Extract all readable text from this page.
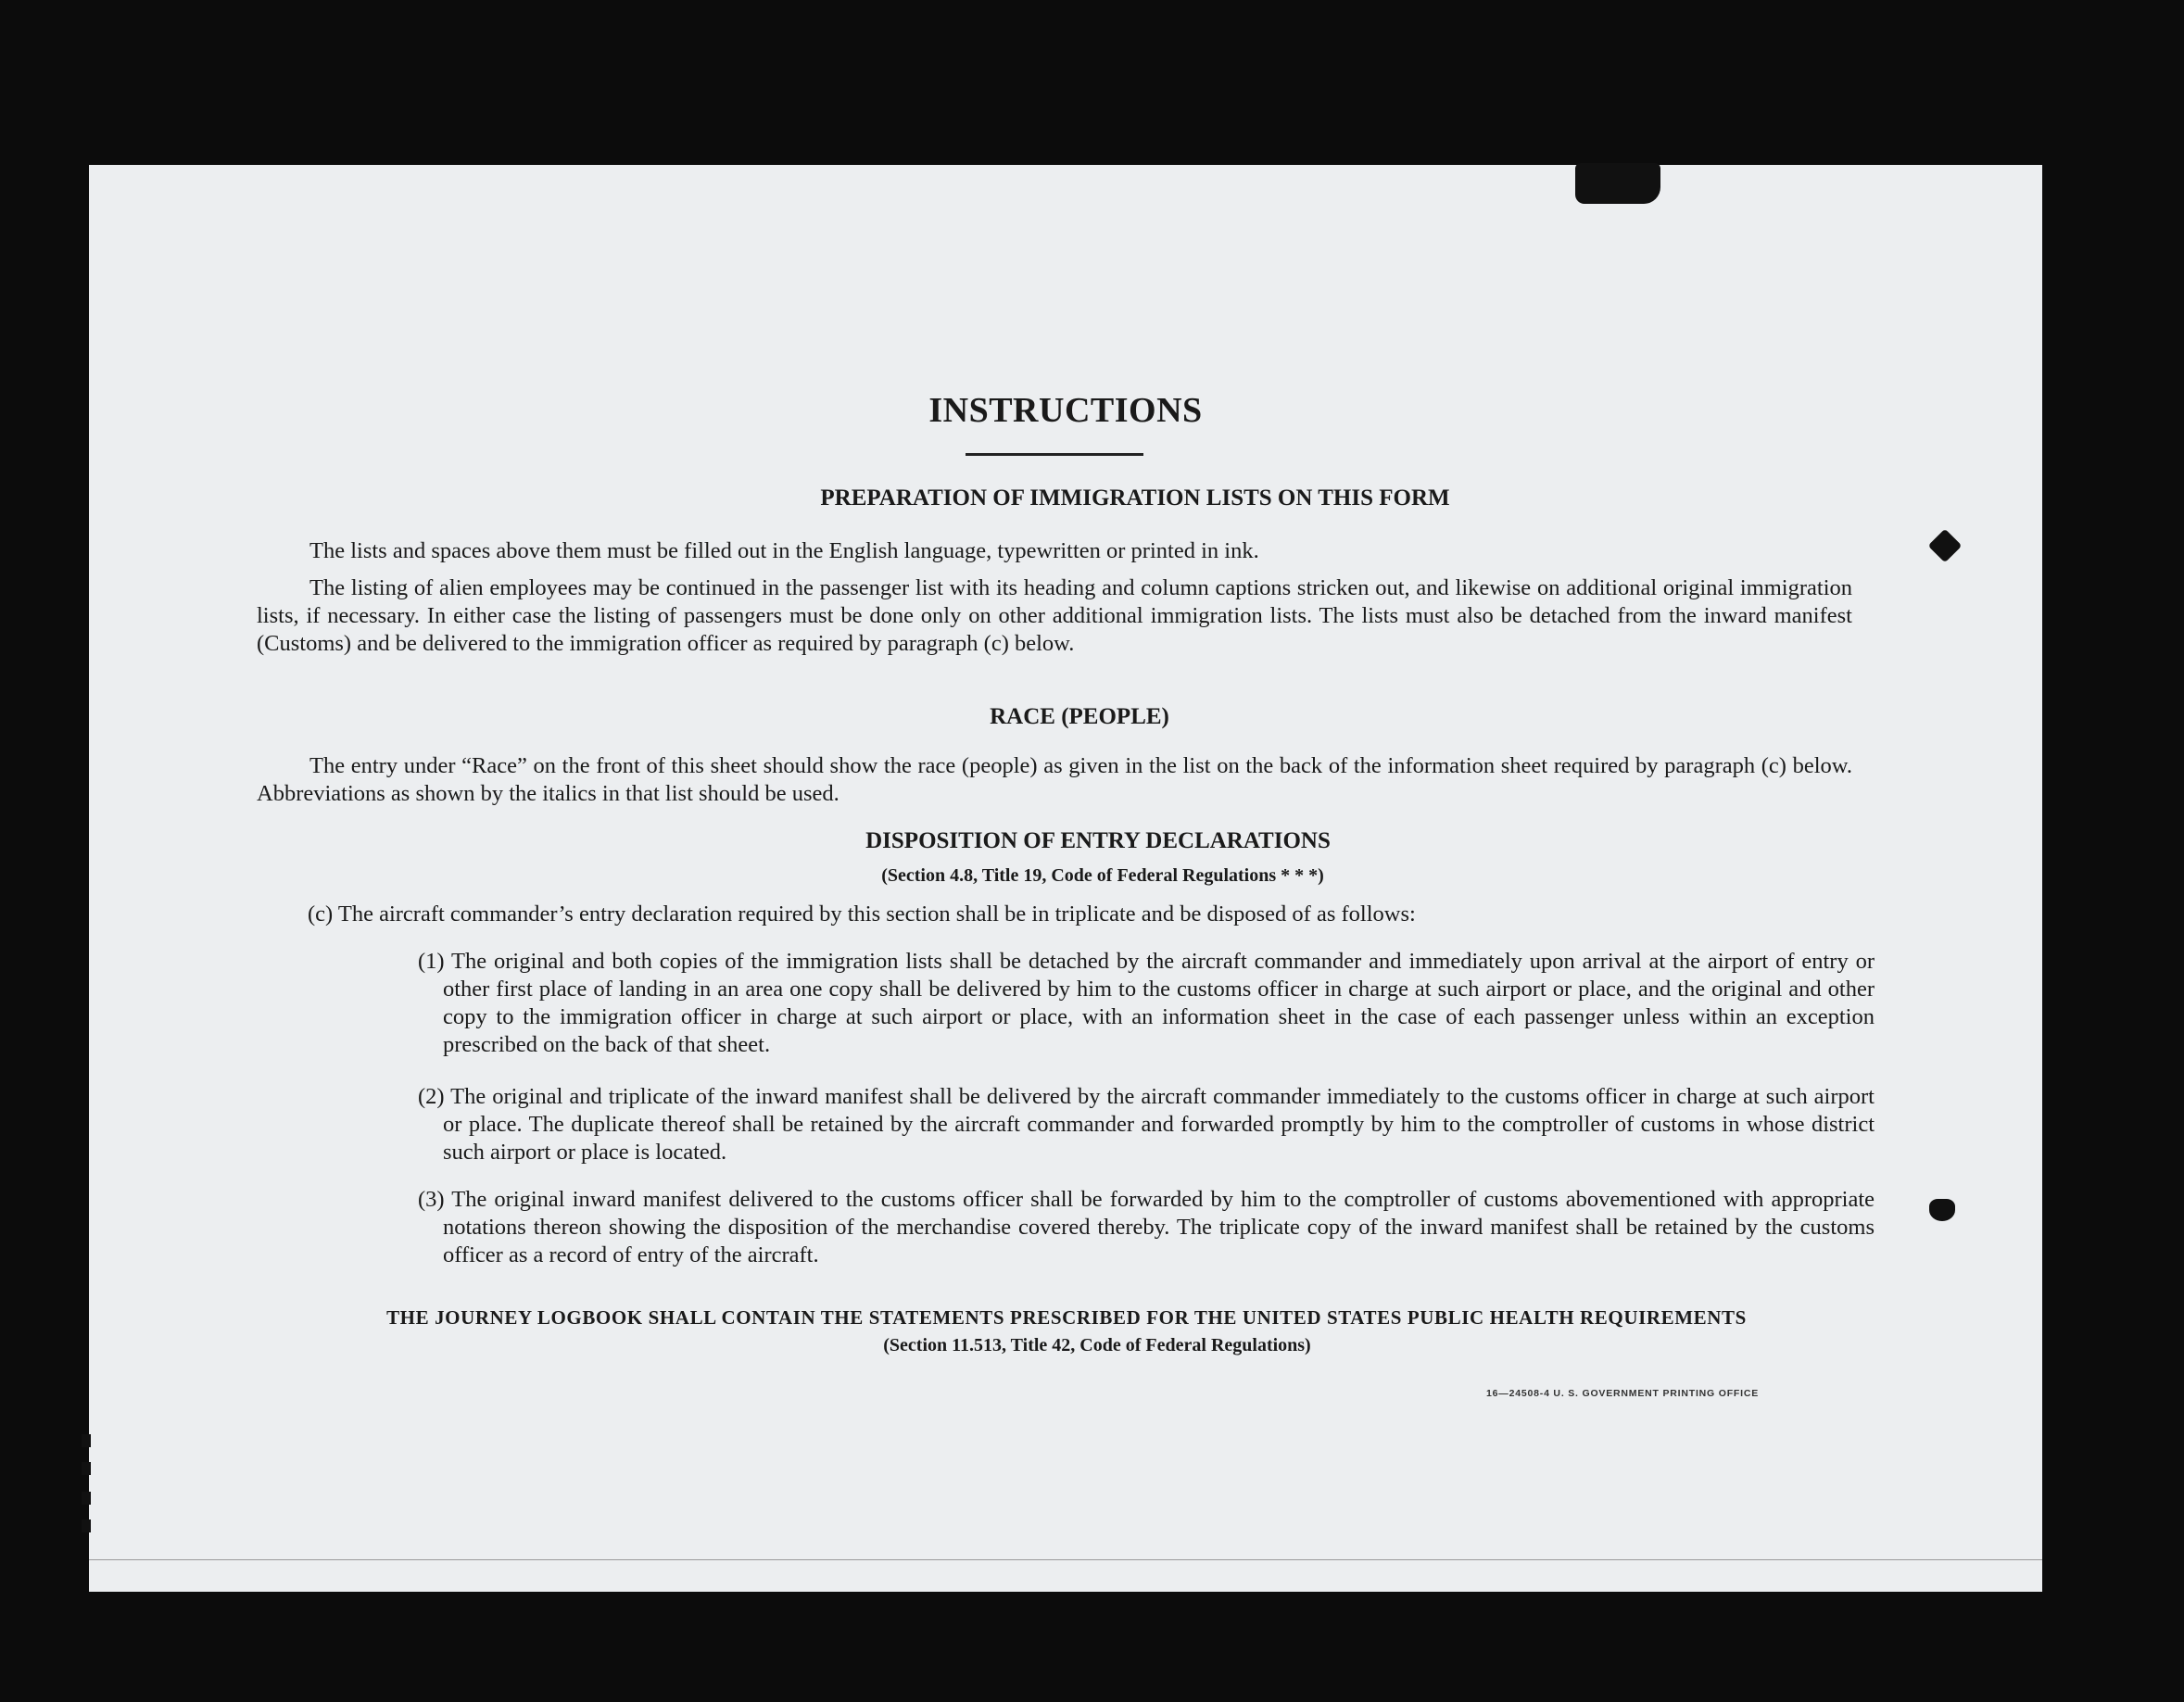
INSTRUCTIONS
PREPARATION OF IMMIGRATION LISTS ON THIS FORM

The lists and spaces above them must be filled out in the English language, typewritten or printed in ink.

The listing of alien employees may be continued in the passenger list with its heading and column captions stricken out, and likewise on additional original immigration lists, if necessary. In either case the listing of passengers must be done only on other additional immigration lists. The lists must also be detached from the inward manifest (Customs) and be delivered to the immigration officer as required by paragraph (c) below.

RACE (PEOPLE)

The entry under “Race” on the front of this sheet should show the race (people) as given in the list on the back of the information sheet required by paragraph (c) below. Abbreviations as shown by the italics in that list should be used.

DISPOSITION OF ENTRY DECLARATIONS

(Section 4.8, Title 19, Code of Federal Regulations * * *)

(c) The aircraft commander’s entry declaration required by this section shall be in triplicate and be disposed of as follows:

(1) The original and both copies of the immigration lists shall be detached by the aircraft commander and immediately upon arrival at the airport of entry or other first place of landing in an area one copy shall be delivered by him to the customs officer in charge at such airport or place, and the original and other copy to the immigration officer in charge at such airport or place, with an information sheet in the case of each passenger unless within an exception prescribed on the back of that sheet.

(2) The original and triplicate of the inward manifest shall be delivered by the aircraft commander immediately to the customs officer in charge at such airport or place. The duplicate thereof shall be retained by the aircraft commander and forwarded promptly by him to the comptroller of customs in whose district such airport or place is located.

(3) The original inward manifest delivered to the customs officer shall be forwarded by him to the comptroller of customs abovementioned with appropriate notations thereon showing the disposition of the merchandise covered thereby. The triplicate copy of the inward manifest shall be retained by the customs officer as a record of entry of the aircraft.

THE JOURNEY LOGBOOK SHALL CONTAIN THE STATEMENTS PRESCRIBED FOR THE UNITED STATES PUBLIC HEALTH REQUIREMENTS

(Section 11.513, Title 42, Code of Federal Regulations)

16—24508-4 U. S. GOVERNMENT PRINTING OFFICE
